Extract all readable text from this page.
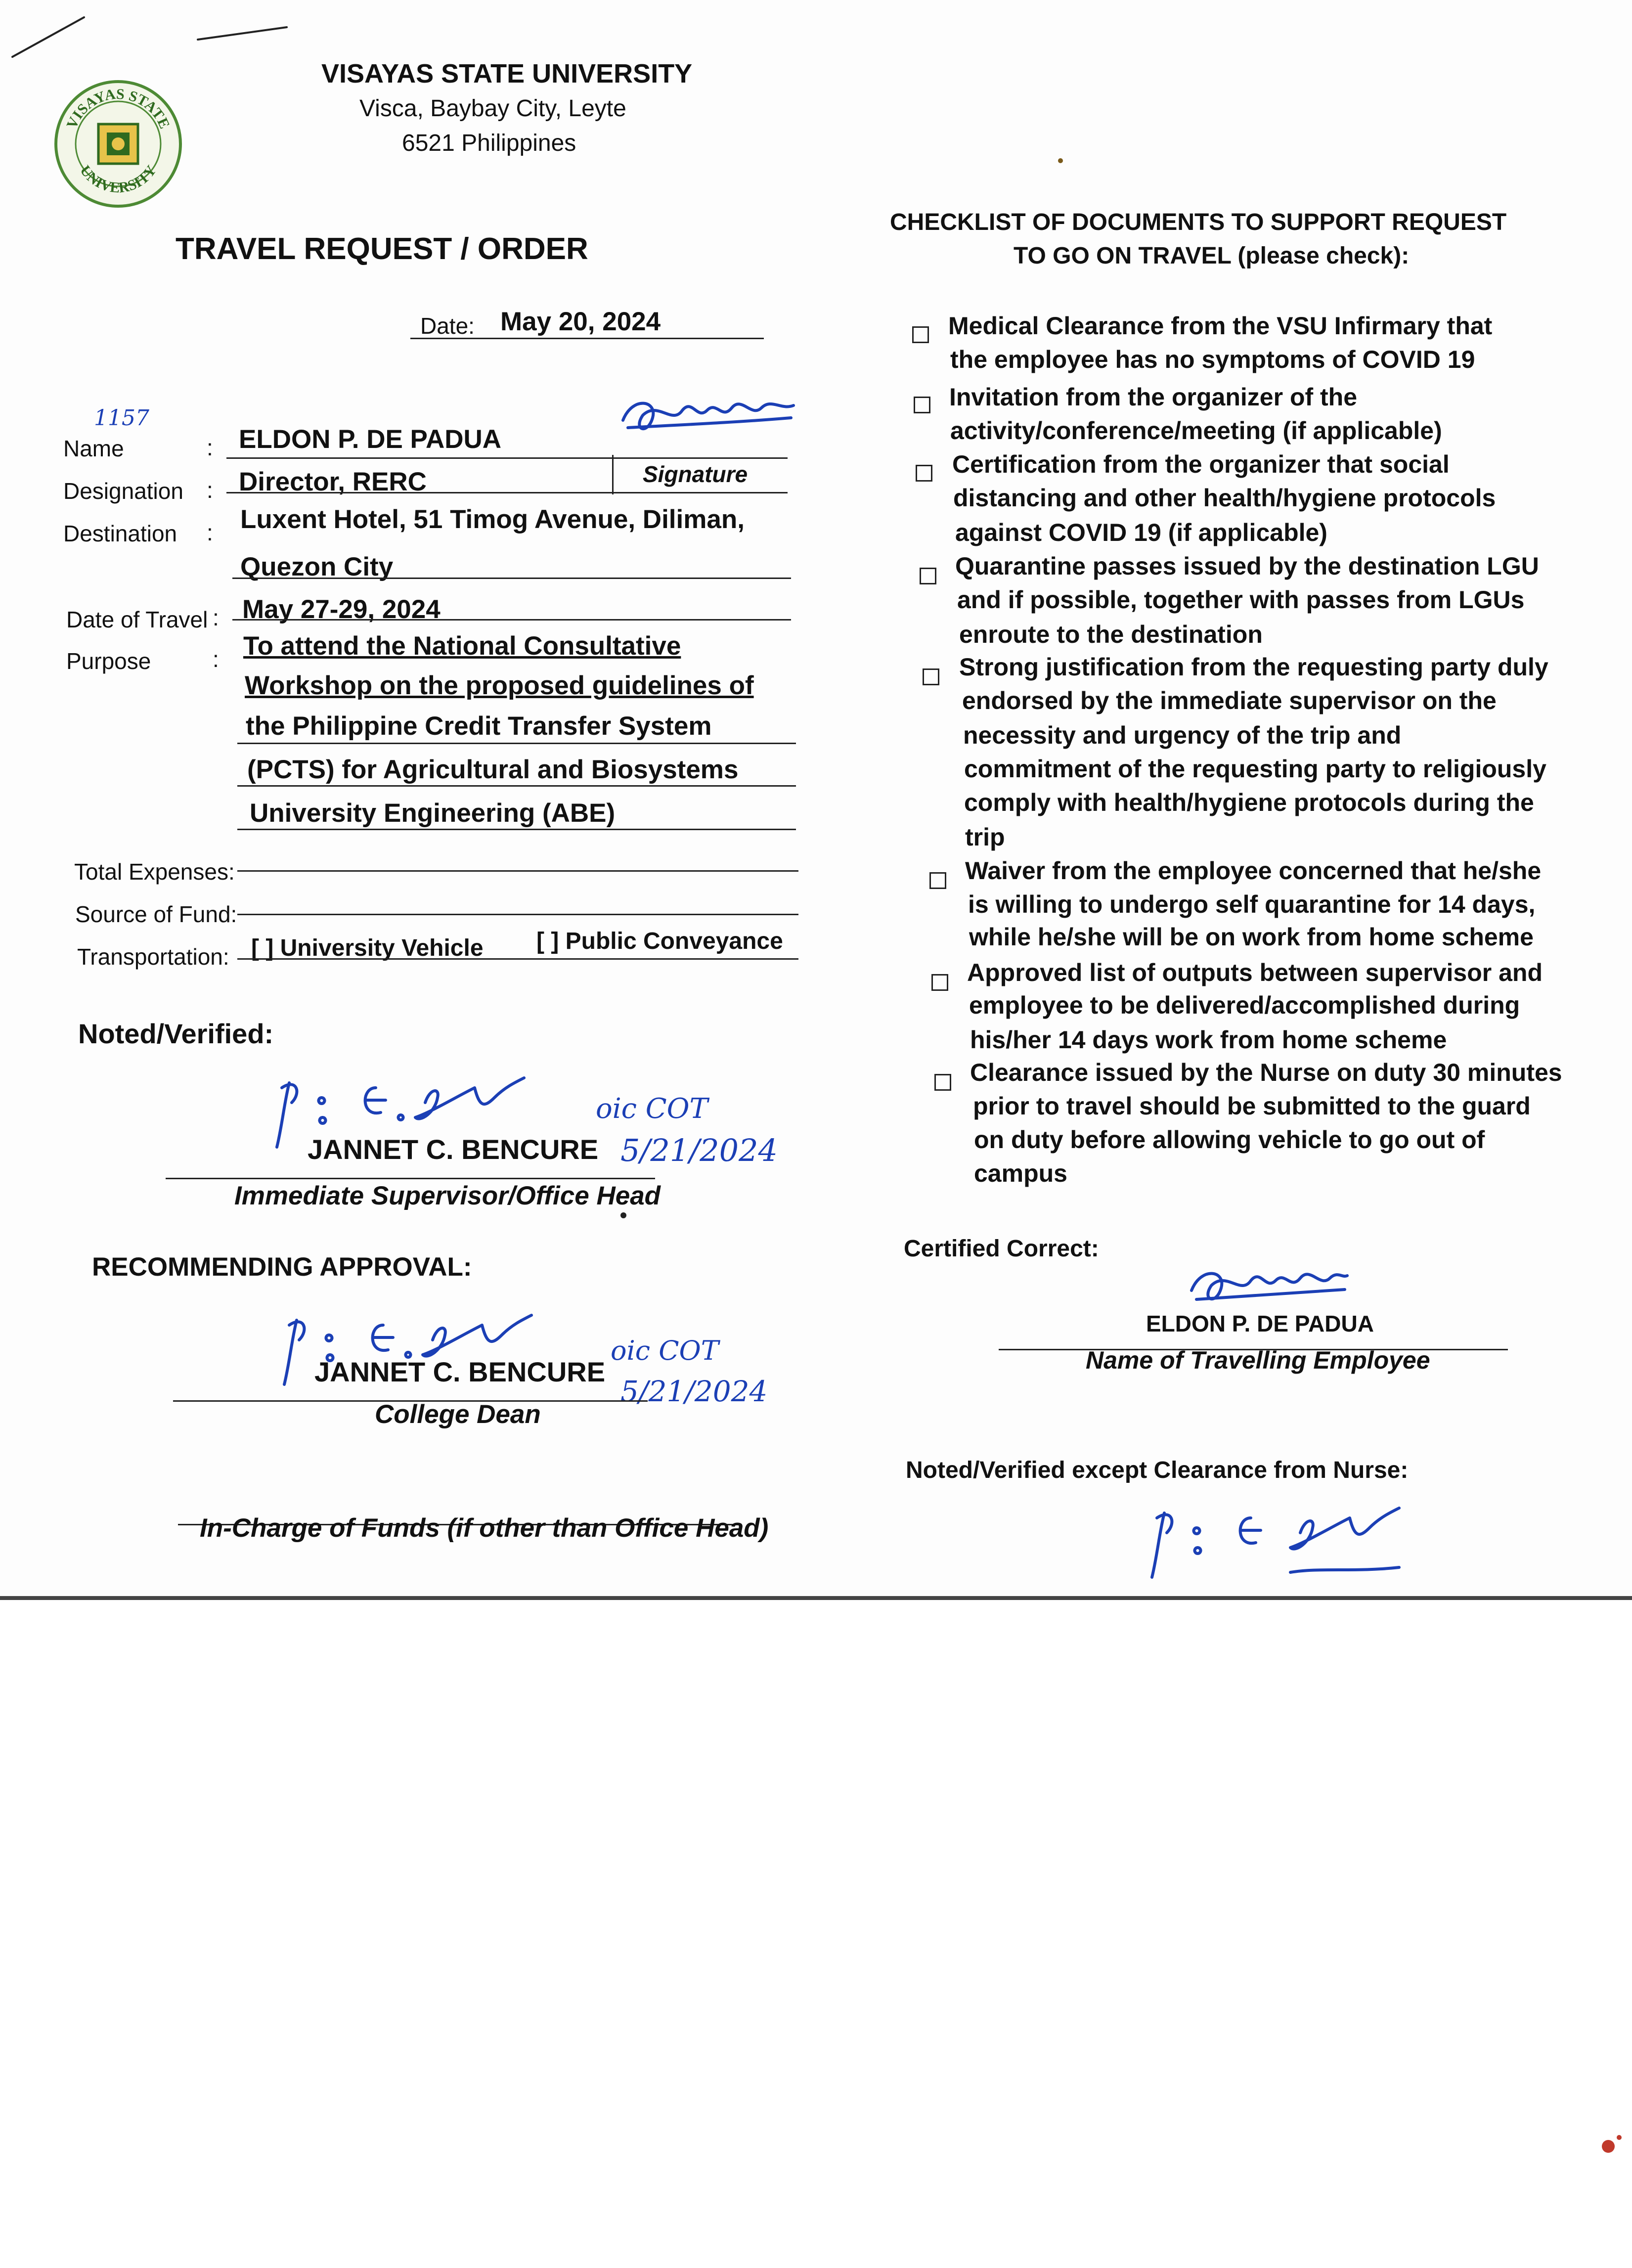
VISAYAS STATE
UNIVERSITY
VISAYAS STATE UNIVERSITY
Visca, Baybay City, Leyte
6521 Philippines
TRAVEL REQUEST / ORDER
Date: May 20, 2024
1157
Name	: ELDON P. DE PADUA
Designation : Director, RERC	Signature
Destination : Luxent Hotel, 51 Timog Avenue, Diliman,
Quezon City
Date of Travel : May 27-29, 2024
Purpose	: To attend the National Consultative
Workshop on the proposed guidelines of
the Philippine Credit Transfer System
(PCTS) for Agricultural and Biosystems
University Engineering (ABE)
Total Expenses:
Source of Fund:
Transportation: [ ] University Vehicle [ ] Public Conveyance
Noted/Verified:
oic COT
5/21/2024
JANNET C. BENCURE
Immediate Supervisor/Office Head
RECOMMENDING APPROVAL:
oic COT
5/21/2024
JANNET C. BENCURE
College Dean
In-Charge of Funds (if other than Office Head)
CHECKLIST OF DOCUMENTS TO SUPPORT REQUEST
TO GO ON TRAVEL (please check):
Medical Clearance from the VSU Infirmary that
the employee has no symptoms of COVID 19
Invitation from the organizer of the
activity/conference/meeting (if applicable)
Certification from the organizer that social
distancing and other health/hygiene protocols
against COVID 19 (if applicable)
Quarantine passes issued by the destination LGU
and if possible, together with passes from LGUs
enroute to the destination
Strong justification from the requesting party duly
endorsed by the immediate supervisor on the
necessity and urgency of the trip and
commitment of the requesting party to religiously
comply with health/hygiene protocols during the
trip
Waiver from the employee concerned that he/she
is willing to undergo self quarantine for 14 days,
while he/she will be on work from home scheme
Approved list of outputs between supervisor and
employee to be delivered/accomplished during
his/her 14 days work from home scheme
Clearance issued by the Nurse on duty 30 minutes
prior to travel should be submitted to the guard
on duty before allowing vehicle to go out of
campus
Certified Correct:
ELDON P. DE PADUA
Name of Travelling Employee
Noted/Verified except Clearance from Nurse:
